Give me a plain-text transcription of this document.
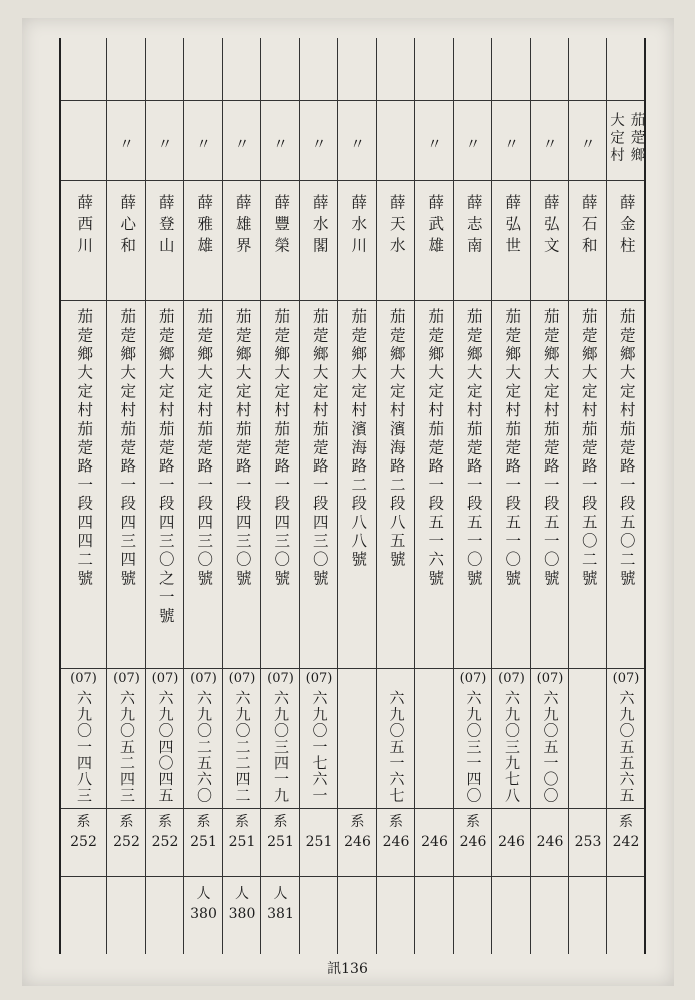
茄萣鄉
大定村
薛金柱
茄萣鄉大定村茄萣路一段五〇二號
(07)
六九〇五五六五
系
242
〃
薛石和
茄萣鄉大定村茄萣路一段五〇二號
253
〃
薛弘文
茄萣鄉大定村茄萣路一段五一〇號
(07)
六九〇五一〇〇
246
〃
薛弘世
茄萣鄉大定村茄萣路一段五一〇號
(07)
六九〇三九七八
246
〃
薛志南
茄萣鄉大定村茄萣路一段五一〇號
(07)
六九〇三一四〇
系
246
〃
薛武雄
茄萣鄉大定村茄萣路一段五一六號
246
薛天水
茄萣鄉大定村濱海路二段八五號
六九〇五一六七
系
246
〃
薛水川
茄萣鄉大定村濱海路二段八八號
系
246
〃
薛水閣
茄萣鄉大定村茄萣路一段四三〇號
(07)
六九〇一七六一
251
〃
薛豐榮
茄萣鄉大定村茄萣路一段四三〇號
(07)
六九〇三四一九
系
251
人
381
〃
薛雄界
茄萣鄉大定村茄萣路一段四三〇號
(07)
六九〇二二四二
系
251
人
380
〃
薛雅雄
茄萣鄉大定村茄萣路一段四三〇號
(07)
六九〇二五六〇
系
251
人
380
〃
薛登山
茄萣鄉大定村茄萣路一段四三〇之一號
(07)
六九〇四〇四五
系
252
〃
薛心和
茄萣鄉大定村茄萣路一段四三四號
(07)
六九〇五二四三
系
252
薛西川
茄萣鄉大定村茄萣路一段四四二號
(07)
六九〇一四八三
系
252
訊136
